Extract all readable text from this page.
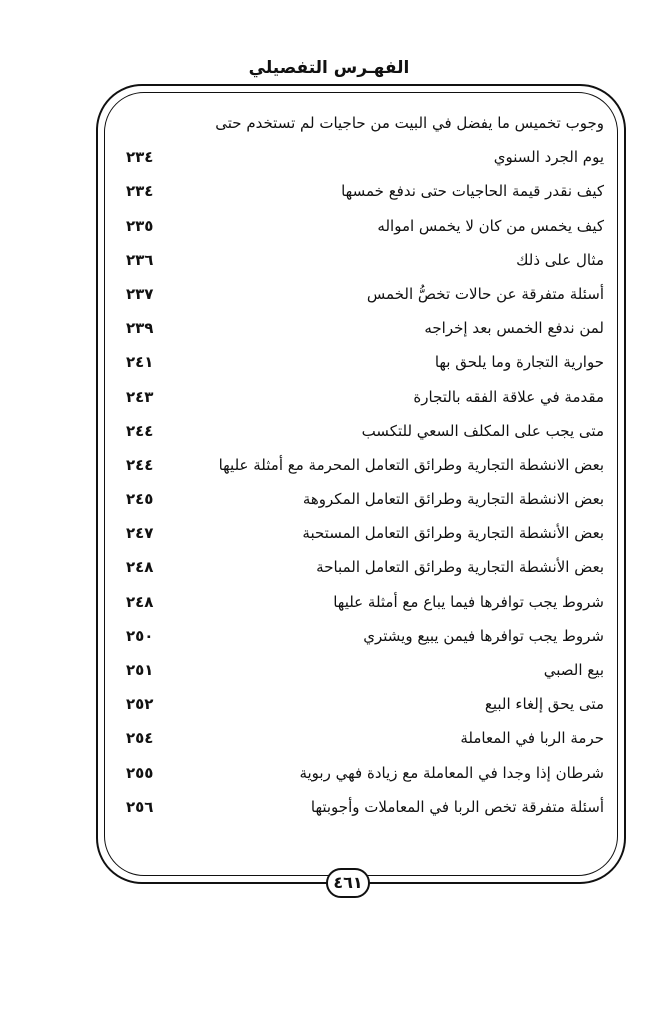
الفهـرس التفصيلي
وجوب تخميس ما يفضل في البيت من حاجيات لم تستخدم حتى
يوم الجرد السنوي
٢٣٤
كيف نقدر قيمة الحاجيات حتى ندفع خمسها
٢٣٤
كيف يخمس من كان لا يخمس امواله
٢٣٥
مثال على ذلك
٢٣٦
أسئلة متفرقة عن حالات تخصُّ الخمس
٢٣٧
لمن ندفع الخمس بعد إخراجه
٢٣٩
حوارية التجارة وما يلحق بها
٢٤١
مقدمة في علاقة الفقه بالتجارة
٢٤٣
متى يجب على المكلف السعي للتكسب
٢٤٤
بعض الانشطة التجارية وطرائق التعامل المحرمة مع أمثلة عليها
٢٤٤
بعض الانشطة التجارية وطرائق التعامل المكروهة
٢٤٥
بعض الأنشطة التجارية وطرائق التعامل المستحبة
٢٤٧
بعض الأنشطة التجارية وطرائق التعامل المباحة
٢٤٨
شروط يجب توافرها فيما يباع مع أمثلة عليها
٢٤٨
شروط يجب توافرها فيمن يبيع ويشتري
٢٥٠
بيع الصبي
٢٥١
متى يحق إلغاء البيع
٢٥٢
حرمة الربا في المعاملة
٢٥٤
شرطان إذا وجدا في المعاملة مع زيادة فهي ربوية
٢٥٥
أسئلة متفرقة تخص الربا في المعاملات وأجوبتها
٢٥٦
٤٦١
